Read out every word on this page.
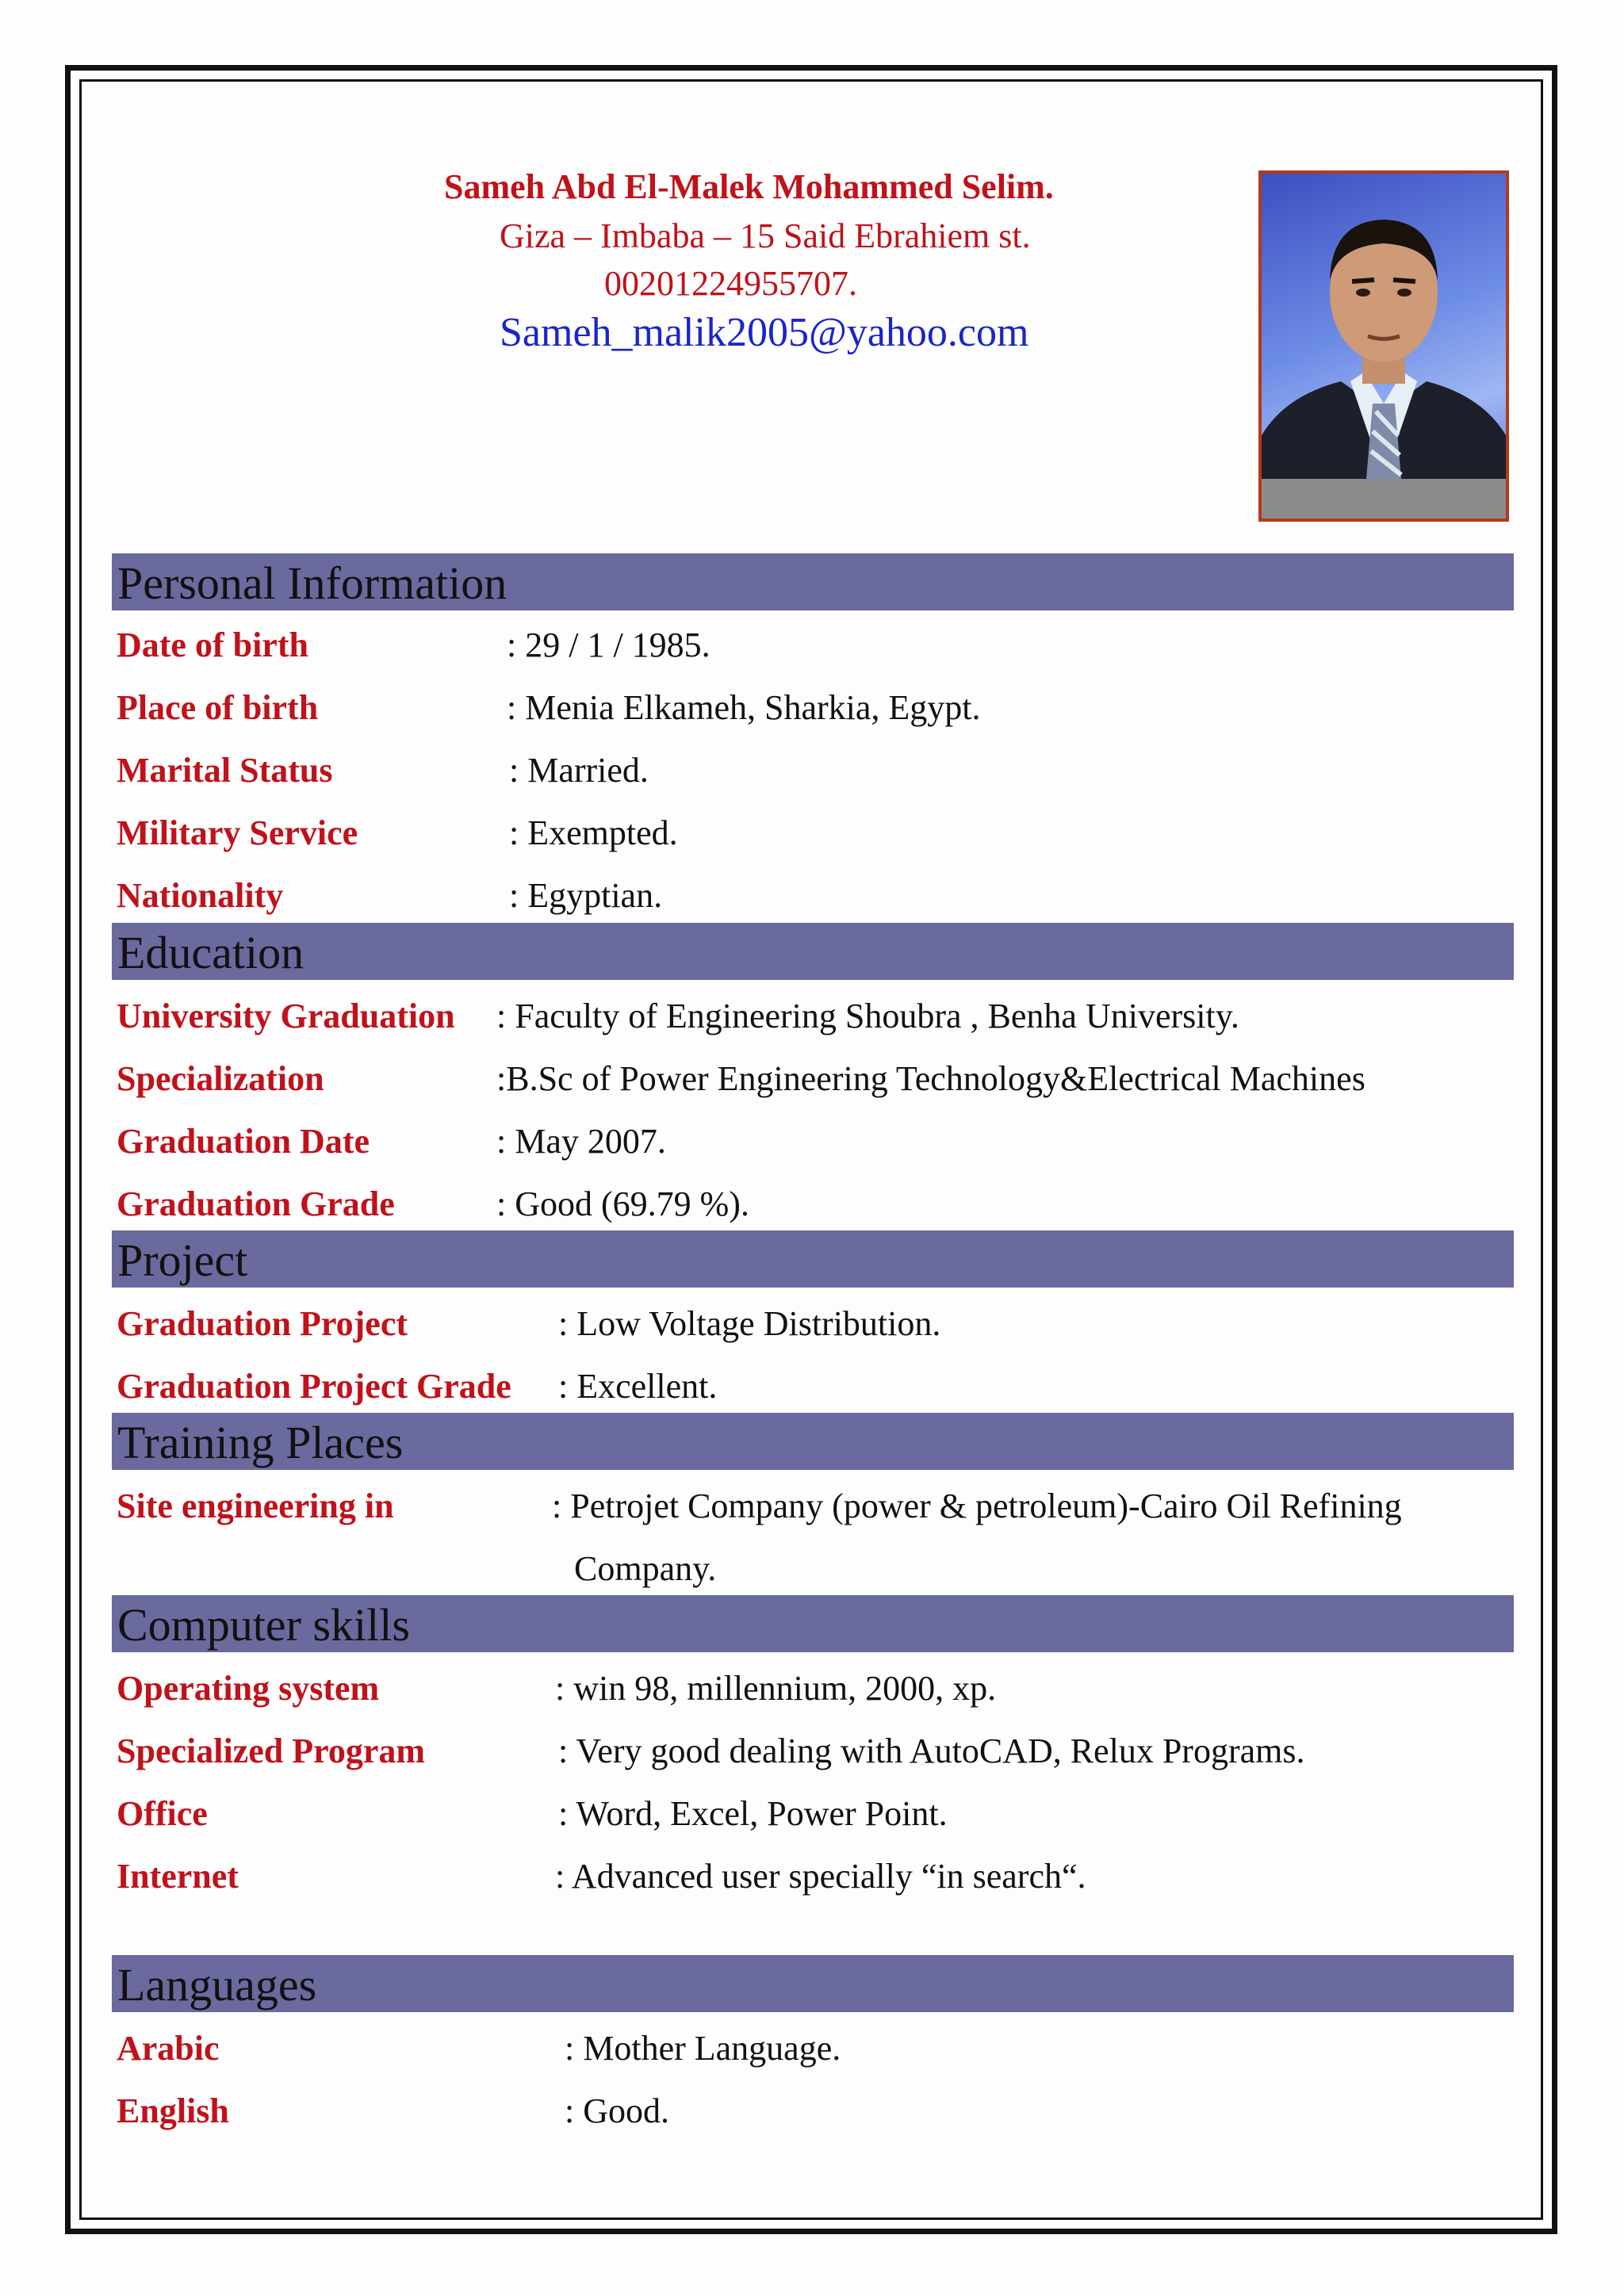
Sameh Abd El-Malek Mohammed Selim.
Giza – Imbaba – 15 Said Ebrahiem st.
00201224955707.
Sameh_malik2005@yahoo.com
Personal Information
Date of birth	: 29 / 1 / 1985.
Place of birth	: Menia Elkameh, Sharkia, Egypt.
Marital Status	: Married.
Military Service	: Exempted.
Nationality	: Egyptian.
Education
University Graduation : Faculty of Engineering Shoubra , Benha University.
Specialization	:B.Sc of Power Engineering Technology&Electrical Machines
Graduation Date	: May 2007.
Graduation Grade	: Good (69.79 %).
Project
Graduation Project	: Low Voltage Distribution.
Graduation Project Grade : Excellent.
Training Places
Site engineering in	: Petrojet Company (power & petroleum)-Cairo Oil Refining
Company.
Computer skills
Operating system	: win 98, millennium, 2000, xp.
Specialized Program	: Very good dealing with AutoCAD, Relux Programs.
Office	: Word, Excel, Power Point.
Internet	: Advanced user specially “in search“.
Languages
Arabic	: Mother Language.
English	: Good.
